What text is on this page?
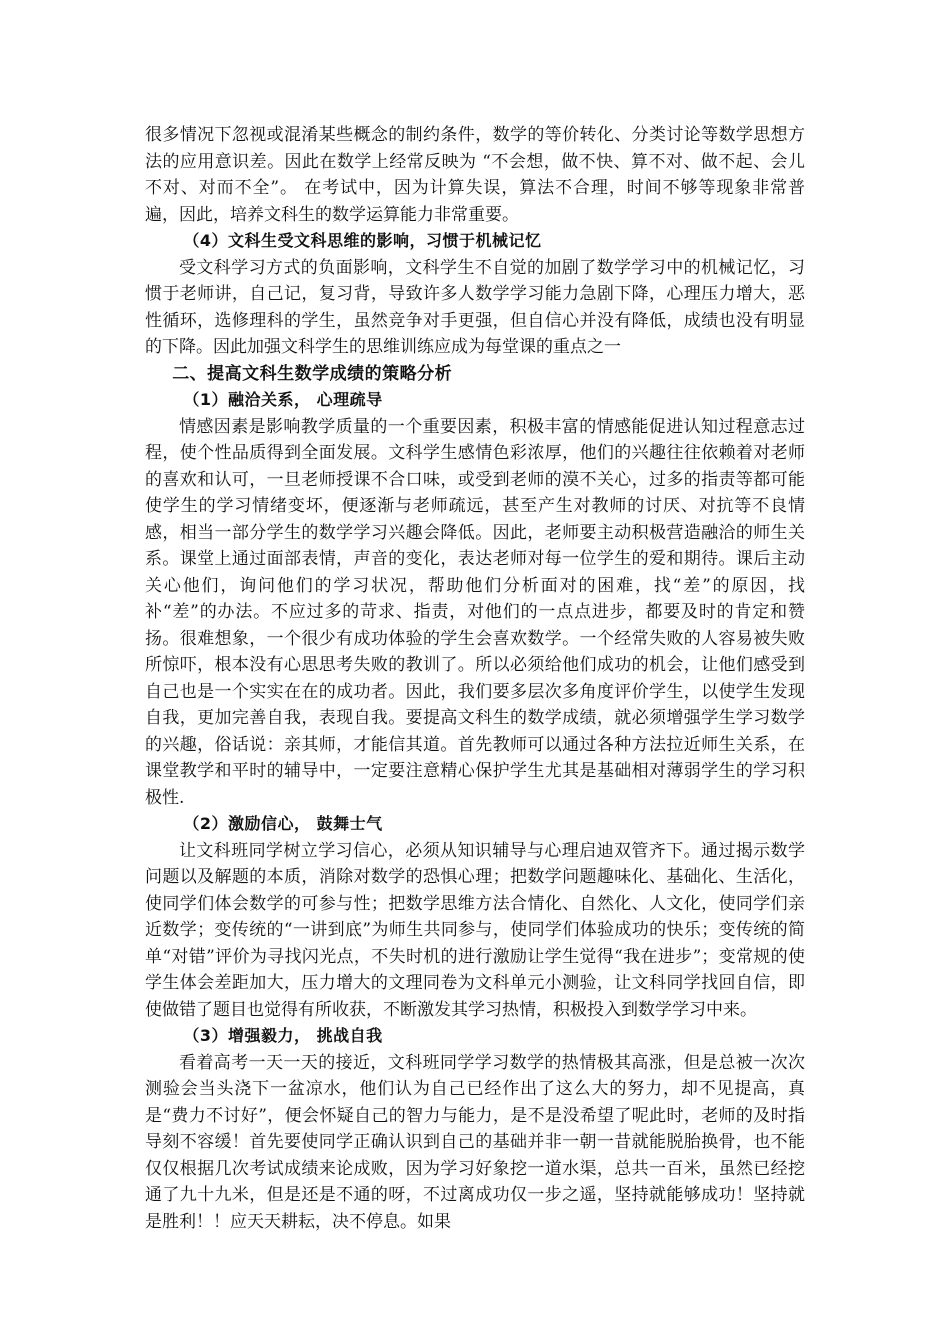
很多情况下忽视或混淆某些概念的制约条件，数学的等价转化、分类讨论等数学思想方法的应用意识差。因此在数学上经常反映为 “不会想，做不快、算不对、做不起、会儿不对、对而不全”。 在考试中，因为计算失误，算法不合理，时间不够等现象非常普遍，因此，培养文科生的数学运算能力非常重要。

（4）文科生受文科思维的影响，习惯于机械记忆

受文科学习方式的负面影响，文科学生不自觉的加剧了数学学习中的机械记忆，习惯于老师讲，自己记，复习背，导致许多人数学学习能力急剧下降，心理压力增大，恶性循环，选修理科的学生，虽然竞争对手更强，但自信心并没有降低，成绩也没有明显的下降。因此加强文科学生的思维训练应成为每堂课的重点之一

二、提高文科生数学成绩的策略分析

（1）融洽关系， 心理疏导

情感因素是影响教学质量的一个重要因素，积极丰富的情感能促进认知过程意志过程，使个性品质得到全面发展。文科学生感情色彩浓厚，他们的兴趣往往依赖着对老师的喜欢和认可，一旦老师授课不合口味，或受到老师的漠不关心，过多的指责等都可能使学生的学习情绪变坏，便逐渐与老师疏远，甚至产生对教师的讨厌、对抗等不良情感，相当一部分学生的数学学习兴趣会降低。因此，老师要主动积极营造融洽的师生关系。课堂上通过面部表情，声音的变化，表达老师对每一位学生的爱和期待。课后主动关心他们，询问他们的学习状况，帮助他们分析面对的困难，找“差”的原因，找补“差”的办法。不应过多的苛求、指责，对他们的一点点进步，都要及时的肯定和赞扬。很难想象，一个很少有成功体验的学生会喜欢数学。一个经常失败的人容易被失败所惊吓，根本没有心思思考失败的教训了。所以必须给他们成功的机会，让他们感受到自己也是一个实实在在的成功者。因此，我们要多层次多角度评价学生，以使学生发现自我，更加完善自我，表现自我。要提高文科生的数学成绩，就必须增强学生学习数学的兴趣，俗话说：亲其师，才能信其道。首先教师可以通过各种方法拉近师生关系，在课堂教学和平时的辅导中，一定要注意精心保护学生尤其是基础相对薄弱学生的学习积极性.

（2）激励信心， 鼓舞士气

让文科班同学树立学习信心，必须从知识辅导与心理启迪双管齐下。通过揭示数学问题以及解题的本质，消除对数学的恐惧心理；把数学问题趣味化、基础化、生活化，使同学们体会数学的可参与性；把数学思维方法合情化、自然化、人文化，使同学们亲近数学；变传统的“一讲到底”为师生共同参与，使同学们体验成功的快乐；变传统的简单“对错”评价为寻找闪光点，不失时机的进行激励让学生觉得“我在进步”；变常规的使学生体会差距加大，压力增大的文理同卷为文科单元小测验，让文科同学找回自信，即使做错了题目也觉得有所收获，不断激发其学习热情，积极投入到数学学习中来。

（3）增强毅力， 挑战自我

看着高考一天一天的接近，文科班同学学习数学的热情极其高涨，但是总被一次次测验会当头浇下一盆凉水，他们认为自己已经作出了这么大的努力，却不见提高，真是“费力不讨好”，便会怀疑自己的智力与能力，是不是没希望了呢此时，老师的及时指导刻不容缓！首先要使同学正确认识到自己的基础并非一朝一昔就能脱胎换骨，也不能仅仅根据几次考试成绩来论成败，因为学习好象挖一道水渠，总共一百米，虽然已经挖通了九十九米，但是还是不通的呀，不过离成功仅一步之遥，坚持就能够成功！坚持就是胜利！！应天天耕耘，决不停息。如果
